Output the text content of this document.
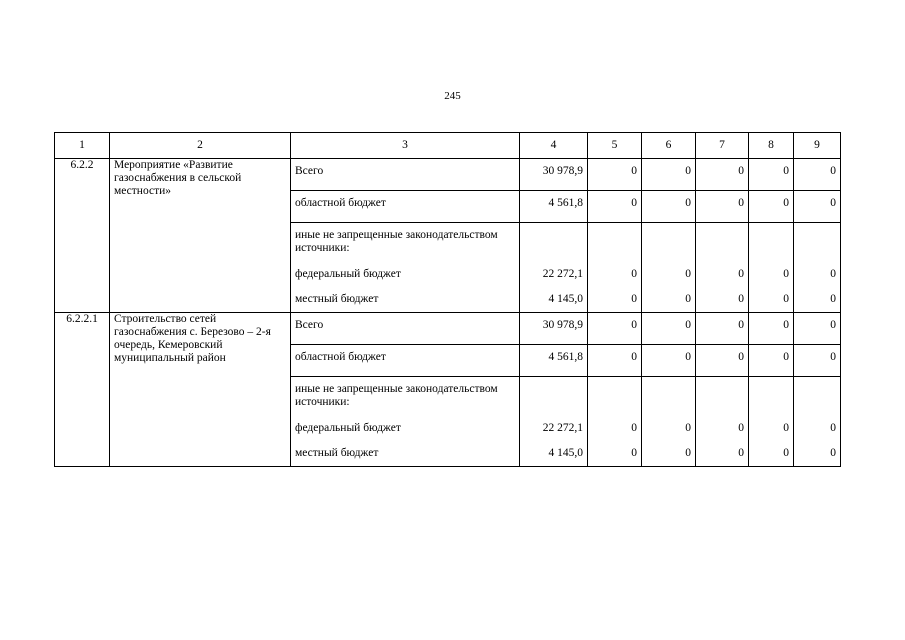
245
1	2	3	4	5	6	7	8	9
6.2.2	Мероприятие «Развитие газоснабжения в сельской местности»	Всего	30 978,9	0	0	0	0	0
		областной бюджет	4 561,8	0	0	0	0	0
		иные не запрещенные законодательством источники:						
		федеральный бюджет	22 272,1	0	0	0	0	0
		местный бюджет	4 145,0	0	0	0	0	0
6.2.2.1	Строительство сетей газоснабжения с. Березово – 2-я очередь, Кемеровский муниципальный район	Всего	30 978,9	0	0	0	0	0
		областной бюджет	4 561,8	0	0	0	0	0
		иные не запрещенные законодательством источники:						
		федеральный бюджет	22 272,1	0	0	0	0	0
		местный бюджет	4 145,0	0	0	0	0	0
